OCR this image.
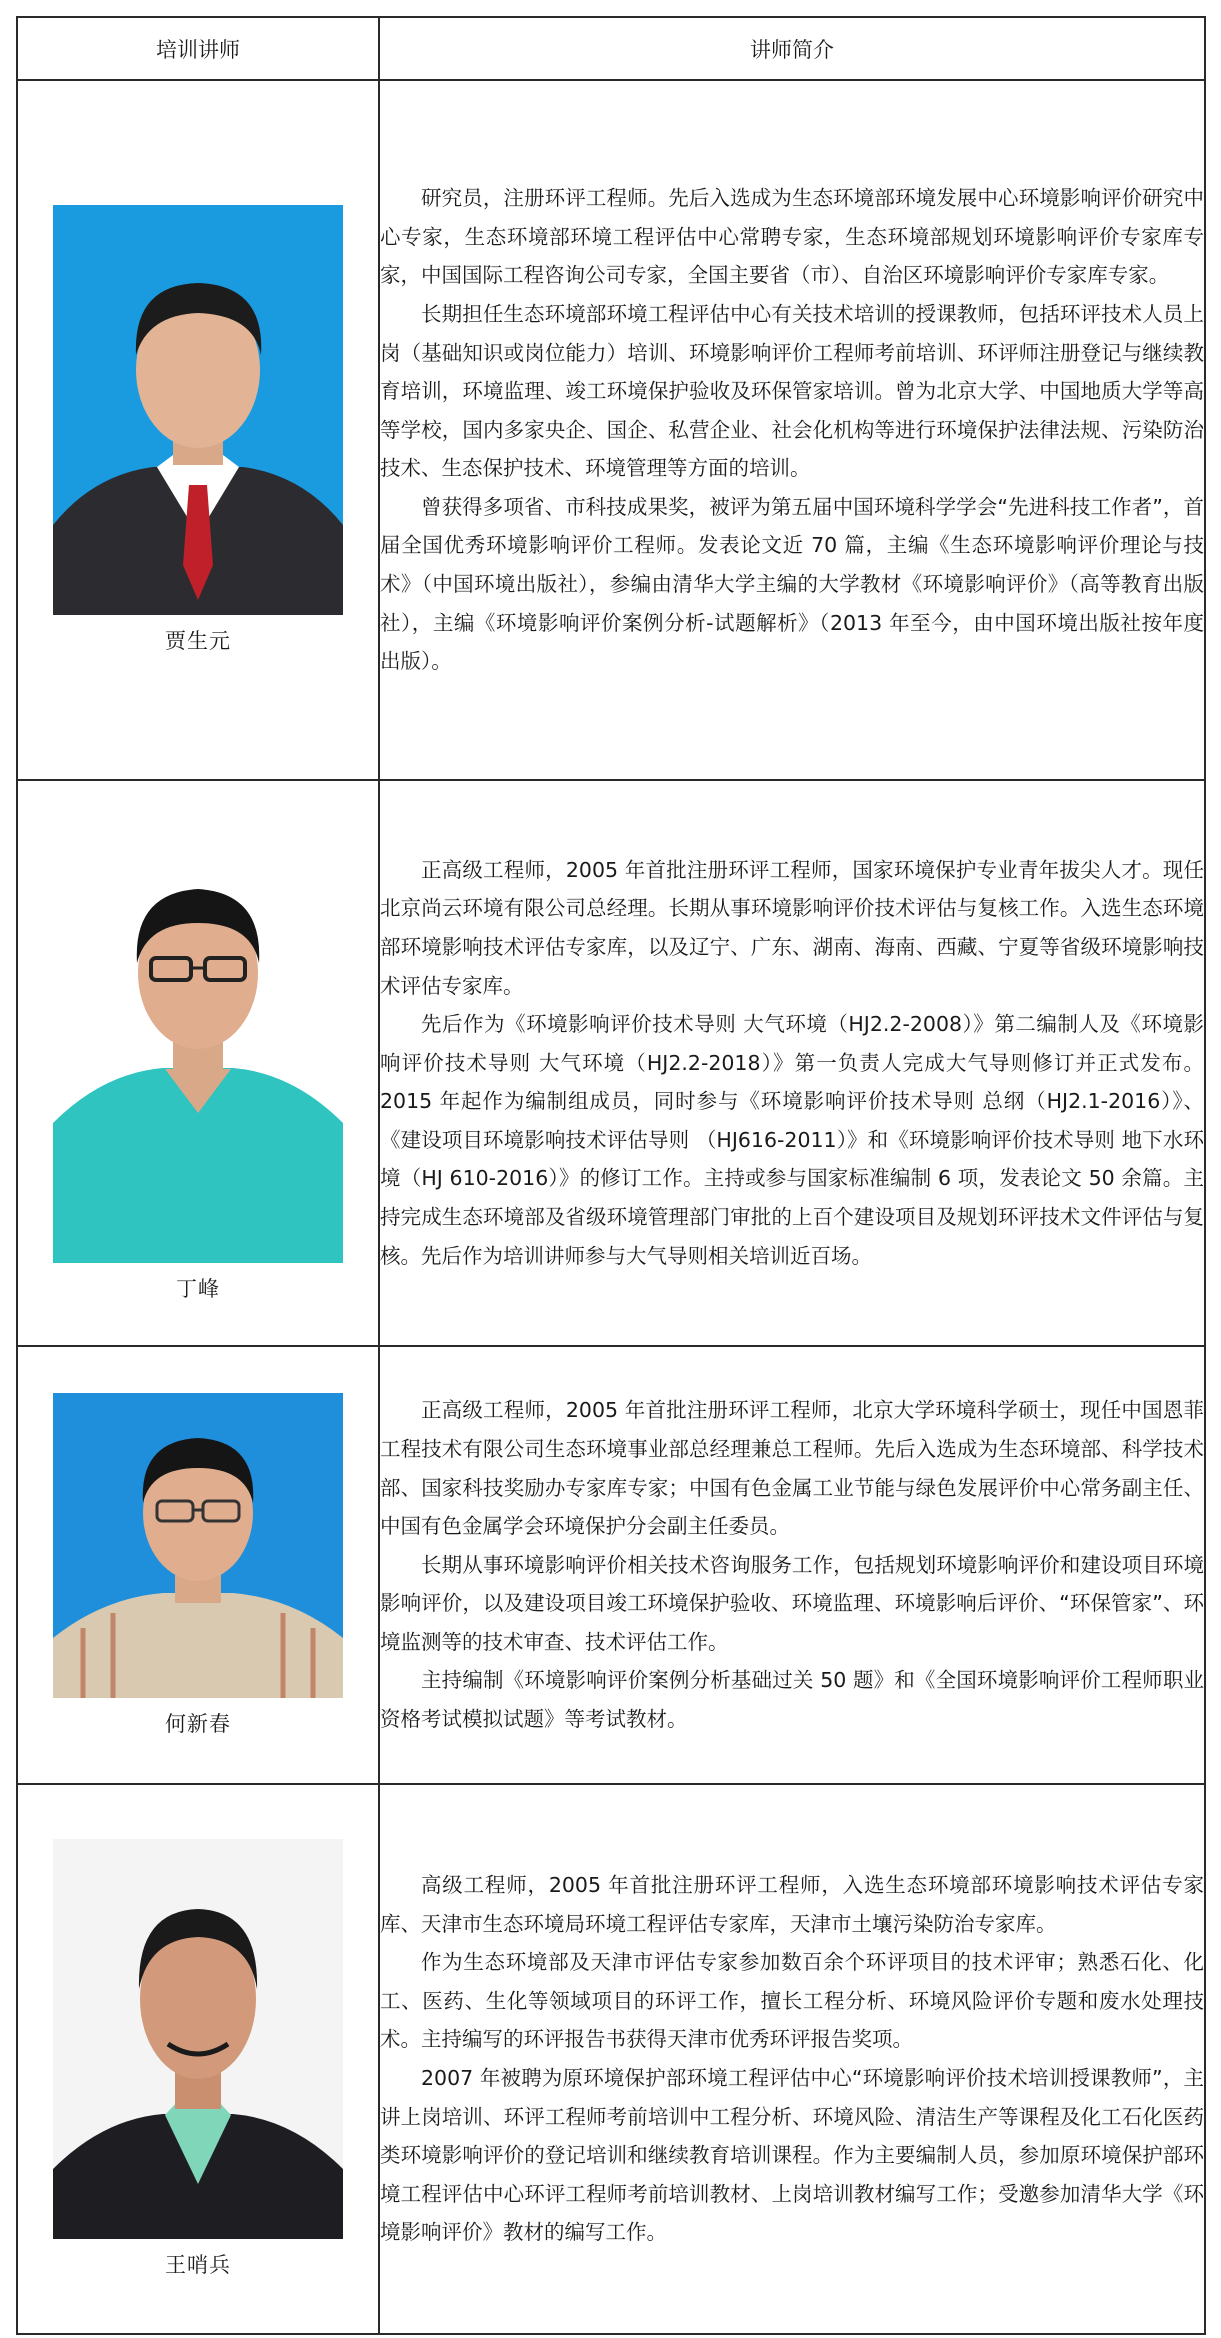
培训讲师	讲师简介

贾生元	研究员，注册环评工程师。先后入选成为生态环境部环境发展中心环境影响评价研究中心专家，生态环境部环境工程评估中心常聘专家，生态环境部规划环境影响评价专家库专家，中国国际工程咨询公司专家，全国主要省（市）、自治区环境影响评价专家库专家。

长期担任生态环境部环境工程评估中心有关技术培训的授课教师，包括环评技术人员上岗（基础知识或岗位能力）培训、环境影响评价工程师考前培训、环评师注册登记与继续教育培训，环境监理、竣工环境保护验收及环保管家培训。曾为北京大学、中国地质大学等高等学校，国内多家央企、国企、私营企业、社会化机构等进行环境保护法律法规、污染防治技术、生态保护技术、环境管理等方面的培训。

曾获得多项省、市科技成果奖，被评为第五届中国环境科学学会“先进科技工作者”，首届全国优秀环境影响评价工程师。发表论文近 70 篇，主编《生态环境影响评价理论与技术》（中国环境出版社），参编由清华大学主编的大学教材《环境影响评价》（高等教育出版社），主编《环境影响评价案例分析-试题解析》（2013 年至今，由中国环境出版社按年度出版）。

丁峰	正高级工程师，2005 年首批注册环评工程师，国家环境保护专业青年拔尖人才。现任北京尚云环境有限公司总经理。长期从事环境影响评价技术评估与复核工作。入选生态环境部环境影响技术评估专家库，以及辽宁、广东、湖南、海南、西藏、宁夏等省级环境影响技术评估专家库。

先后作为《环境影响评价技术导则 大气环境（HJ2.2-2008）》第二编制人及《环境影响评价技术导则 大气环境（HJ2.2-2018）》第一负责人完成大气导则修订并正式发布。2015 年起作为编制组成员，同时参与《环境影响评价技术导则 总纲（HJ2.1-2016）》、《建设项目环境影响技术评估导则 （HJ616-2011）》和《环境影响评价技术导则 地下水环境（HJ 610-2016）》的修订工作。主持或参与国家标准编制 6 项，发表论文 50 余篇。主持完成生态环境部及省级环境管理部门审批的上百个建设项目及规划环评技术文件评估与复核。先后作为培训讲师参与大气导则相关培训近百场。

何新春	正高级工程师，2005 年首批注册环评工程师，北京大学环境科学硕士，现任中国恩菲工程技术有限公司生态环境事业部总经理兼总工程师。先后入选成为生态环境部、科学技术部、国家科技奖励办专家库专家；中国有色金属工业节能与绿色发展评价中心常务副主任、中国有色金属学会环境保护分会副主任委员。

长期从事环境影响评价相关技术咨询服务工作，包括规划环境影响评价和建设项目环境影响评价，以及建设项目竣工环境保护验收、环境监理、环境影响后评价、“环保管家”、环境监测等的技术审查、技术评估工作。

主持编制《环境影响评价案例分析基础过关 50 题》和《全国环境影响评价工程师职业资格考试模拟试题》等考试教材。

王哨兵	高级工程师，2005 年首批注册环评工程师，入选生态环境部环境影响技术评估专家库、天津市生态环境局环境工程评估专家库，天津市土壤污染防治专家库。

作为生态环境部及天津市评估专家参加数百余个环评项目的技术评审；熟悉石化、化工、医药、生化等领域项目的环评工作，擅长工程分析、环境风险评价专题和废水处理技术。主持编写的环评报告书获得天津市优秀环评报告奖项。

2007 年被聘为原环境保护部环境工程评估中心“环境影响评价技术培训授课教师”，主讲上岗培训、环评工程师考前培训中工程分析、环境风险、清洁生产等课程及化工石化医药类环境影响评价的登记培训和继续教育培训课程。作为主要编制人员，参加原环境保护部环境工程评估中心环评工程师考前培训教材、上岗培训教材编写工作；受邀参加清华大学《环境影响评价》教材的编写工作。
